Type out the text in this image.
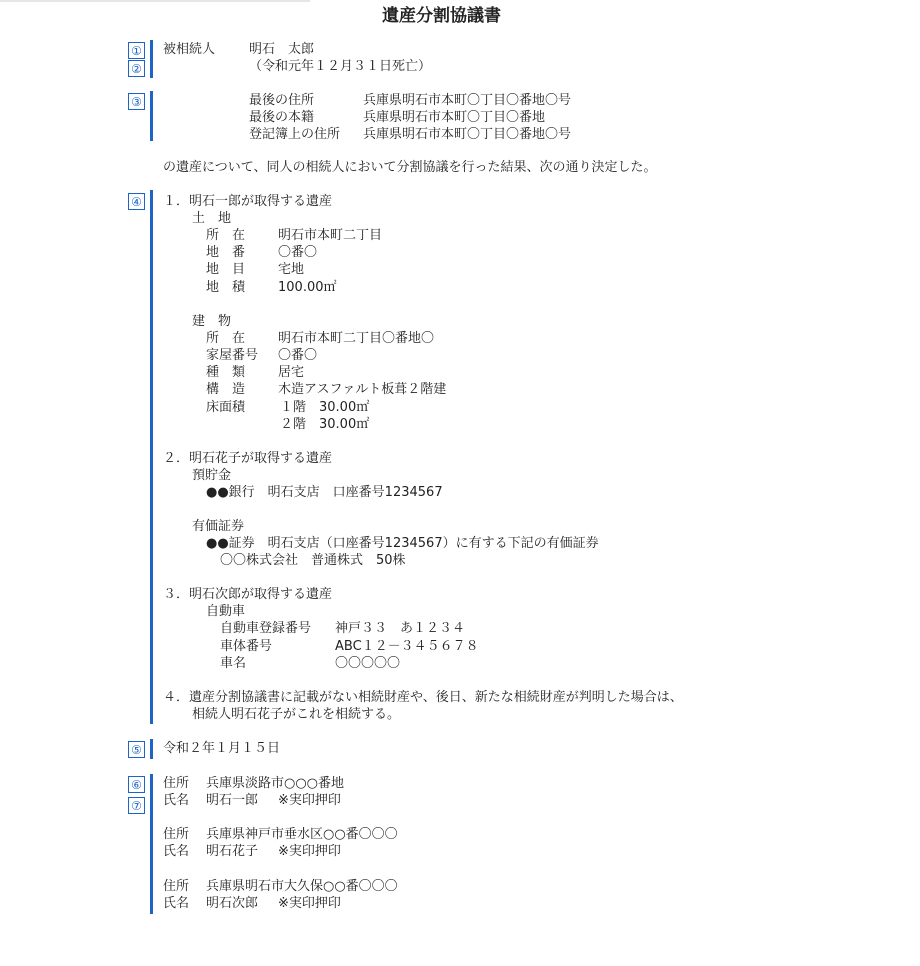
遺産分割協議書
①
②
③
④
⑤
⑥
⑦
被相続人	明石　太郎
（令和元年１２月３１日死亡）
最後の住所	兵庫県明石市本町〇丁目〇番地〇号
最後の本籍	兵庫県明石市本町〇丁目〇番地
登記簿上の住所 兵庫県明石市本町〇丁目〇番地〇号
の遺産について、同人の相続人において分割協議を行った結果、次の通り決定した。
１．明石一郎が取得する遺産
土　地
所　在	明石市本町二丁目
地　番	〇番〇
地　目	宅地
地　積	100.00㎡
建　物
所　在	明石市本町二丁目〇番地〇
家屋番号 〇番〇
種　類	居宅
構　造	木造アスファルト板葺２階建
床面積	１階　30.00㎡
２階　30.00㎡
２．明石花子が取得する遺産
預貯金
●●銀行　明石支店　口座番号1234567
有価証券
●●証券　明石支店（口座番号1234567）に有する下記の有価証券
〇〇株式会社　普通株式　50株
３．明石次郎が取得する遺産
自動車
自動車登録番号 神戸３３　あ１２３４
車体番号	ABC１２－３４５６７８
車名	〇〇〇〇〇
４．遺産分割協議書に記載がない相続財産や、後日、新たな相続財産が判明した場合は、
相続人明石花子がこれを相続する。
令和２年１月１５日
住所 兵庫県淡路市○○○番地
氏名 明石一郎 ※実印押印
住所 兵庫県神戸市垂水区○○番〇〇〇
氏名 明石花子 ※実印押印
住所 兵庫県明石市大久保○○番〇〇〇
氏名 明石次郎 ※実印押印
